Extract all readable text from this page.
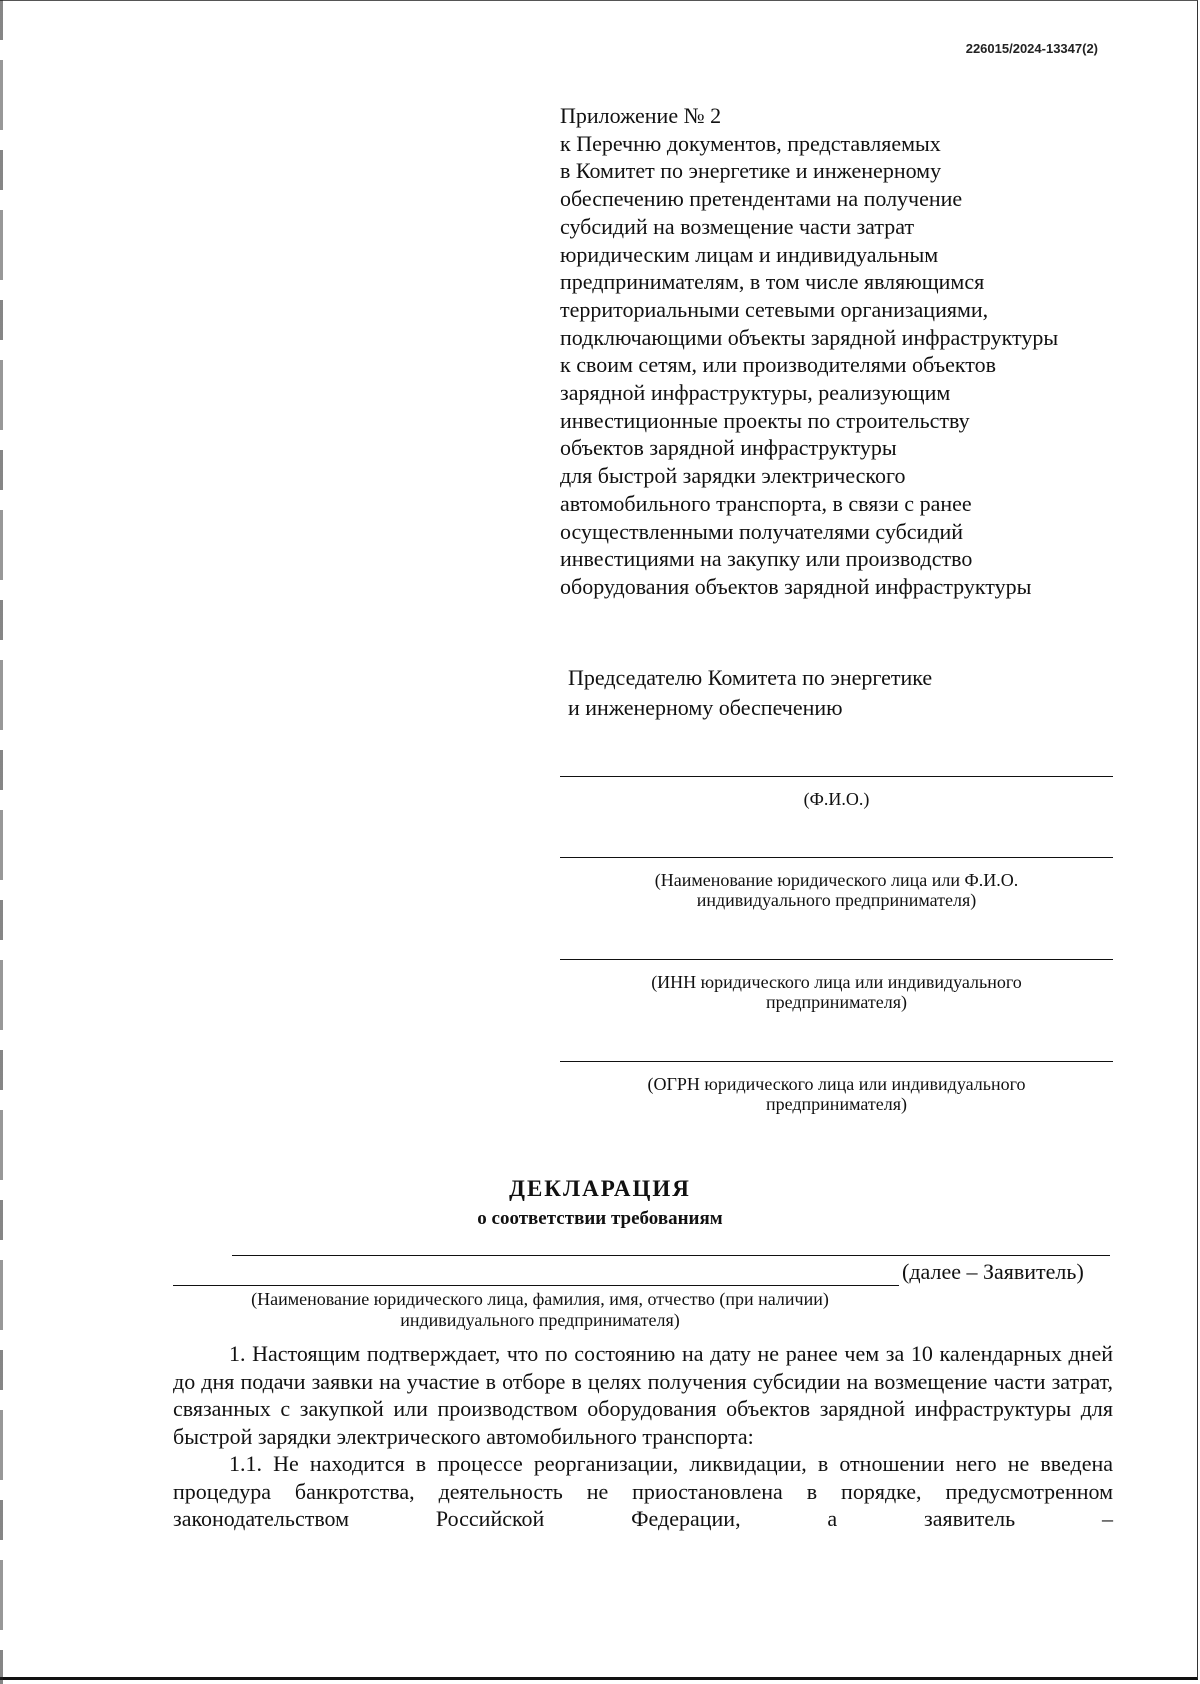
226015/2024-13347(2)
Приложение № 2
к Перечню документов, представляемых
в Комитет по энергетике и инженерному
обеспечению претендентами на получение
субсидий на возмещение части затрат
юридическим лицам и индивидуальным
предпринимателям, в том числе являющимся
территориальными сетевыми организациями,
подключающими объекты зарядной инфраструктуры
к своим сетям, или производителями объектов
зарядной инфраструктуры, реализующим
инвестиционные проекты по строительству
объектов зарядной инфраструктуры
для быстрой зарядки электрического
автомобильного транспорта, в связи с ранее
осуществленными получателями субсидий
инвестициями на закупку или производство
оборудования объектов зарядной инфраструктуры
Председателю Комитета по энергетике
и инженерному обеспечению
(Ф.И.О.)
(Наименование юридического лица или Ф.И.О.
индивидуального предпринимателя)
(ИНН юридического лица или индивидуального
предпринимателя)
(ОГРН юридического лица или индивидуального
предпринимателя)
ДЕКЛАРАЦИЯ
о соответствии требованиям
(далее – Заявитель)
(Наименование юридического лица, фамилия, имя, отчество (при наличии)
индивидуального предпринимателя)

1. Настоящим подтверждает, что по состоянию на дату не ранее чем за 10 календарных дней до дня подачи заявки на участие в отборе в целях получения субсидии на возмещение части затрат, связанных с закупкой или производством оборудования объектов зарядной инфраструктуры для быстрой зарядки электрического автомобильного транспорта:

1.1. Не находится в процессе реорганизации, ликвидации, в отношении него не введена процедура банкротства, деятельность не приостановлена в порядке, предусмотренном законодательством Российской Федерации, а заявитель –
